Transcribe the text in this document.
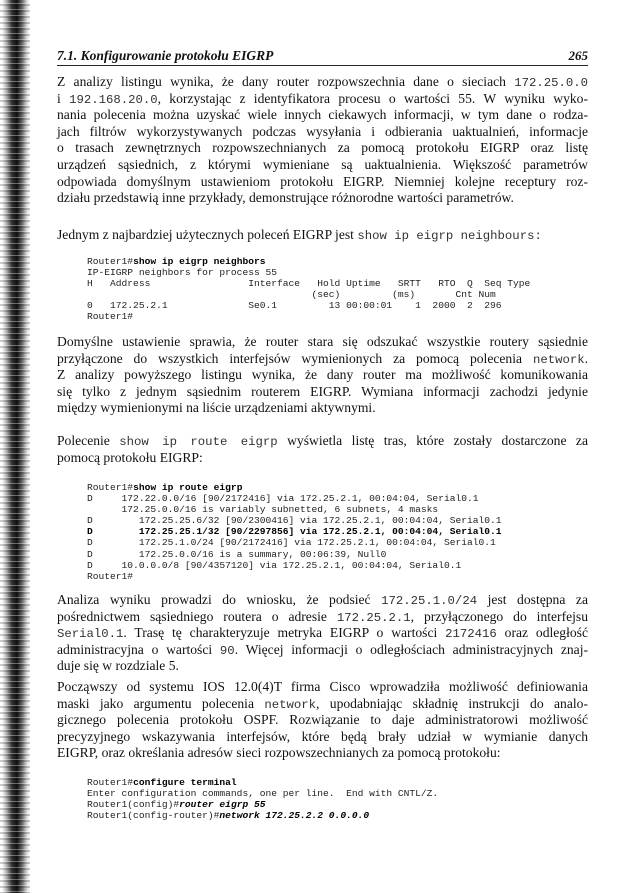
7.1. Konfigurowanie protokołu EIGRP	265
Z analizy listingu wynika, że dany router rozpowszechnia dane o sieciach 172.25.0.0
i 192.168.20.0, korzystając z identyfikatora procesu o wartości 55. W wyniku wyko-
nania polecenia można uzyskać wiele innych ciekawych informacji, w tym dane o rodza-
jach filtrów wykorzystywanych podczas wysyłania i odbierania uaktualnień, informacje
o trasach zewnętrznych rozpowszechnianych za pomocą protokołu EIGRP oraz listę
urządzeń sąsiednich, z którymi wymieniane są uaktualnienia. Większość parametrów
odpowiada domyślnym ustawieniom protokołu EIGRP. Niemniej kolejne receptury roz-
działu przedstawią inne przykłady, demonstrujące różnorodne wartości parametrów.
Jednym z najbardziej użytecznych poleceń EIGRP jest show ip eigrp neighbours:
Router1#show ip eigrp neighbors
IP-EIGRP neighbors for process 55
H   Address                 Interface   Hold Uptime   SRTT   RTO  Q  Seq Type
(sec)         (ms)       Cnt Num
0   172.25.2.1              Se0.1         13 00:00:01    1  2000  2  296
Router1#
Domyślne ustawienie sprawia, że router stara się odszukać wszystkie routery sąsiednie
przyłączone do wszystkich interfejsów wymienionych za pomocą polecenia network.
Z analizy powyższego listingu wynika, że dany router ma możliwość komunikowania
się tylko z jednym sąsiednim routerem EIGRP. Wymiana informacji zachodzi jedynie
między wymienionymi na liście urządzeniami aktywnymi.
Polecenie show ip route eigrp wyświetla listę tras, które zostały dostarczone za
pomocą protokołu EIGRP:
Router1#show ip route eigrp
D     172.22.0.0/16 [90/2172416] via 172.25.2.1, 00:04:04, Serial0.1
172.25.0.0/16 is variably subnetted, 6 subnets, 4 masks
D        172.25.25.6/32 [90/2300416] via 172.25.2.1, 00:04:04, Serial0.1
D        172.25.25.1/32 [90/2297856] via 172.25.2.1, 00:04:04, Serial0.1
D        172.25.1.0/24 [90/2172416] via 172.25.2.1, 00:04:04, Serial0.1
D        172.25.0.0/16 is a summary, 00:06:39, Null0
D     10.0.0.0/8 [90/4357120] via 172.25.2.1, 00:04:04, Serial0.1
Router1#
Analiza wyniku prowadzi do wniosku, że podsieć 172.25.1.0/24 jest dostępna za
pośrednictwem sąsiedniego routera o adresie 172.25.2.1, przyłączonego do interfejsu
Serial0.1. Trasę tę charakteryzuje metryka EIGRP o wartości 2172416 oraz odległość
administracyjna o wartości 90. Więcej informacji o odległościach administracyjnych znaj-
duje się w rozdziale 5.
Począwszy od systemu IOS 12.0(4)T firma Cisco wprowadziła możliwość definiowania
maski jako argumentu polecenia network, upodabniając składnię instrukcji do analo-
gicznego polecenia protokołu OSPF. Rozwiązanie to daje administratorowi możliwość
precyzyjnego wskazywania interfejsów, które będą brały udział w wymianie danych
EIGRP, oraz określania adresów sieci rozpowszechnianych za pomocą protokołu:
Router1#configure terminal
Enter configuration commands, one per line.  End with CNTL/Z.
Router1(config)#router eigrp 55
Router1(config-router)#network 172.25.2.2 0.0.0.0
